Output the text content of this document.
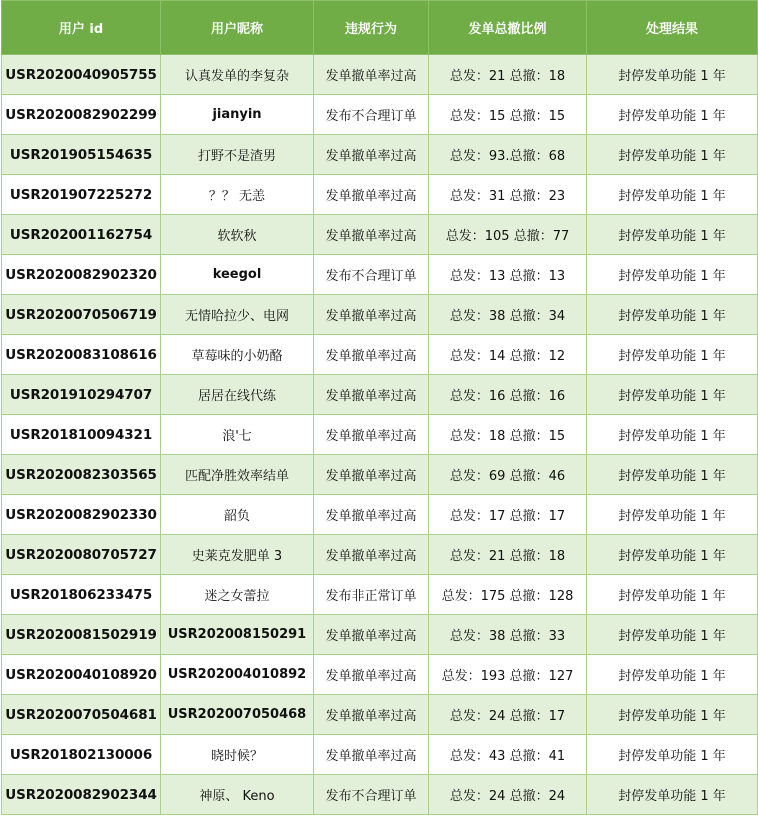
用户 id	用户昵称	违规行为	发单总撤比例	处理结果
USR2020040905755	认真发单的李复杂	发单撤单率过高	总发：21 总撤：18	封停发单功能 1 年
USR2020082902299	jianyin	发布不合理订单	总发：15 总撤：15	封停发单功能 1 年
USR201905154635	打野不是渣男	发单撤单率过高	总发：93.总撤：68	封停发单功能 1 年
USR201907225272	？？ 无恙	发单撤单率过高	总发：31 总撤：23	封停发单功能 1 年
USR202001162754	软软秋	发单撤单率过高	总发：105 总撤：77	封停发单功能 1 年
USR2020082902320	keegol	发布不合理订单	总发：13 总撤：13	封停发单功能 1 年
USR2020070506719	无情哈拉少、电网	发单撤单率过高	总发：38 总撤：34	封停发单功能 1 年
USR2020083108616	草莓味的小奶酪	发单撤单率过高	总发：14 总撤：12	封停发单功能 1 年
USR201910294707	居居在线代练	发单撤单率过高	总发：16 总撤：16	封停发单功能 1 年
USR201810094321	浪'七	发单撤单率过高	总发：18 总撤：15	封停发单功能 1 年
USR2020082303565	匹配净胜效率结单	发单撤单率过高	总发：69 总撤：46	封停发单功能 1 年
USR2020082902330	韶负	发单撤单率过高	总发：17 总撤：17	封停发单功能 1 年
USR2020080705727	史莱克发肥单 3	发单撤单率过高	总发：21 总撤：18	封停发单功能 1 年
USR201806233475	迷之女蕾拉	发布非正常订单	总发：175 总撤：128	封停发单功能 1 年
USR2020081502919	USR202008150291	发单撤单率过高	总发：38 总撤：33	封停发单功能 1 年
USR2020040108920	USR202004010892	发单撤单率过高	总发：193 总撤：127	封停发单功能 1 年
USR2020070504681	USR202007050468	发单撤单率过高	总发：24 总撤：17	封停发单功能 1 年
USR201802130006	晓时候？	发单撤单率过高	总发：43 总撤：41	封停发单功能 1 年
USR2020082902344	神原、 Keno	发布不合理订单	总发：24 总撤：24	封停发单功能 1 年
